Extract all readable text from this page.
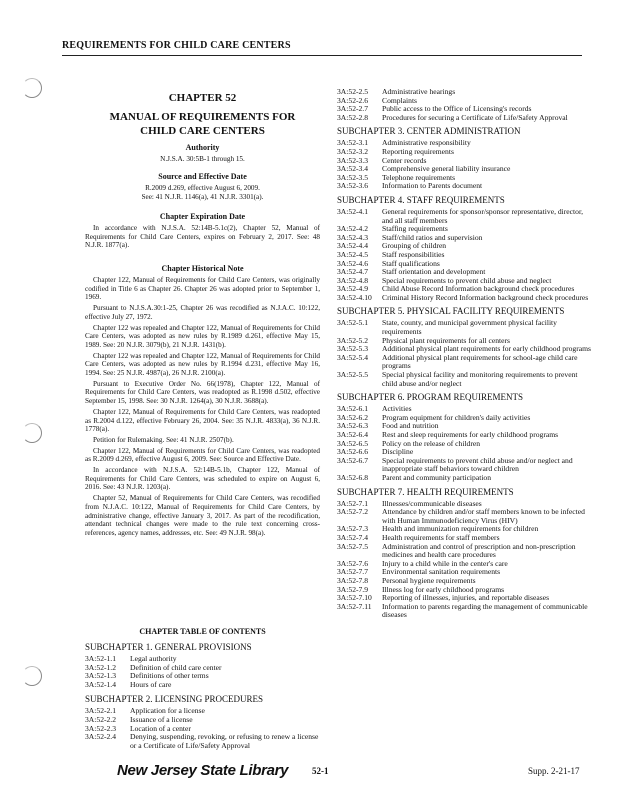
REQUIREMENTS FOR CHILD CARE CENTERS
CHAPTER 52
MANUAL OF REQUIREMENTS FOR
CHILD CARE CENTERS
Authority

N.J.S.A. 30:5B-1 through 15.

Source and Effective Date

R.2009 d.269, effective August 6, 2009.

See: 41 N.J.R. 1146(a), 41 N.J.R. 3301(a).

Chapter Expiration Date

In accordance with N.J.S.A. 52:14B-5.1c(2), Chapter 52, Manual of Requirements for Child Care Centers, expires on February 2, 2017. See: 48 N.J.R. 1877(a).

Chapter Historical Note

Chapter 122, Manual of Requirements for Child Care Centers, was originally codified in Title 6 as Chapter 26. Chapter 26 was adopted prior to September 1, 1969.

Pursuant to N.J.S.A.30:1-25, Chapter 26 was recodified as N.J.A.C. 10:122, effective July 27, 1972.

Chapter 122 was repealed and Chapter 122, Manual of Requirements for Child Care Centers, was adopted as new rules by R.1989 d.261, effective May 15, 1989. See: 20 N.J.R. 3079(b), 21 N.J.R. 1431(b).

Chapter 122 was repealed and Chapter 122, Manual of Requirements for Child Care Centers, was adopted as new rules by R.1994 d.231, effective May 16, 1994. See: 25 N.J.R. 4987(a), 26 N.J.R. 2100(a).

Pursuant to Executive Order No. 66(1978), Chapter 122, Manual of Requirements for Child Care Centers, was readopted as R.1998 d.502, effective September 15, 1998. See: 30 N.J.R. 1264(a), 30 N.J.R. 3688(a).

Chapter 122, Manual of Requirements for Child Care Centers, was readopted as R.2004 d.122, effective February 26, 2004. See: 35 N.J.R. 4833(a), 36 N.J.R. 1778(a).

Petition for Rulemaking. See: 41 N.J.R. 2507(b).

Chapter 122, Manual of Requirements for Child Care Centers, was readopted as R.2009 d.269, effective August 6, 2009. See: Source and Effective Date.

In accordance with N.J.S.A. 52:14B-5.1b, Chapter 122, Manual of Requirements for Child Care Centers, was scheduled to expire on August 6, 2016. See: 43 N.J.R. 1203(a).

Chapter 52, Manual of Requirements for Child Care Centers, was recodified from N.J.A.C. 10:122, Manual of Requirements for Child Care Centers, by administrative change, effective January 3, 2017. As part of the recodification, attendant technical changes were made to the rule text concerning cross-references, agency names, addresses, etc. See: 49 N.J.R. 98(a).

CHAPTER TABLE OF CONTENTS
SUBCHAPTER 1. GENERAL PROVISIONS
3A:52-1.1	Legal authority
3A:52-1.2	Definition of child care center
3A:52-1.3	Definitions of other terms
3A:52-1.4	Hours of care
SUBCHAPTER 2. LICENSING PROCEDURES
3A:52-2.1	Application for a license
3A:52-2.2	Issuance of a license
3A:52-2.3	Location of a center
3A:52-2.4	Denying, suspending, revoking, or refusing to renew a license or a Certificate of Life/Safety Approval
3A:52-2.5	Administrative hearings
3A:52-2.6	Complaints
3A:52-2.7	Public access to the Office of Licensing's records
3A:52-2.8	Procedures for securing a Certificate of Life/Safety Approval
SUBCHAPTER 3. CENTER ADMINISTRATION
3A:52-3.1	Administrative responsibility
3A:52-3.2	Reporting requirements
3A:52-3.3	Center records
3A:52-3.4	Comprehensive general liability insurance
3A:52-3.5	Telephone requirements
3A:52-3.6	Information to Parents document
SUBCHAPTER 4. STAFF REQUIREMENTS
3A:52-4.1	General requirements for sponsor/sponsor representative, director, and all staff members
3A:52-4.2	Staffing requirements
3A:52-4.3	Staff/child ratios and supervision
3A:52-4.4	Grouping of children
3A:52-4.5	Staff responsibilities
3A:52-4.6	Staff qualifications
3A:52-4.7	Staff orientation and development
3A:52-4.8	Special requirements to prevent child abuse and neglect
3A:52-4.9	Child Abuse Record Information background check procedures
3A:52-4.10	Criminal History Record Information background check procedures
SUBCHAPTER 5. PHYSICAL FACILITY REQUIREMENTS
3A:52-5.1	State, county, and municipal government physical facility requirements
3A:52-5.2	Physical plant requirements for all centers
3A:52-5.3	Additional physical plant requirements for early childhood programs
3A:52-5.4	Additional physical plant requirements for school-age child care programs
3A:52-5.5	Special physical facility and monitoring requirements to prevent child abuse and/or neglect
SUBCHAPTER 6. PROGRAM REQUIREMENTS
3A:52-6.1	Activities
3A:52-6.2	Program equipment for children's daily activities
3A:52-6.3	Food and nutrition
3A:52-6.4	Rest and sleep requirements for early childhood programs
3A:52-6.5	Policy on the release of children
3A:52-6.6	Discipline
3A:52-6.7	Special requirements to prevent child abuse and/or neglect and inappropriate staff behaviors toward children
3A:52-6.8	Parent and community participation
SUBCHAPTER 7. HEALTH REQUIREMENTS
3A:52-7.1	Illnesses/communicable diseases
3A:52-7.2	Attendance by children and/or staff members known to be infected with Human Immunodeficiency Virus (HIV)
3A:52-7.3	Health and immunization requirements for children
3A:52-7.4	Health requirements for staff members
3A:52-7.5	Administration and control of prescription and non-prescription medicines and health care procedures
3A:52-7.6	Injury to a child while in the center's care
3A:52-7.7	Environmental sanitation requirements
3A:52-7.8	Personal hygiene requirements
3A:52-7.9	Illness log for early childhood programs
3A:52-7.10	Reporting of illnesses, injuries, and reportable diseases
3A:52-7.11	Information to parents regarding the management of communicable diseases
New Jersey State Library	52-1	Supp. 2-21-17
